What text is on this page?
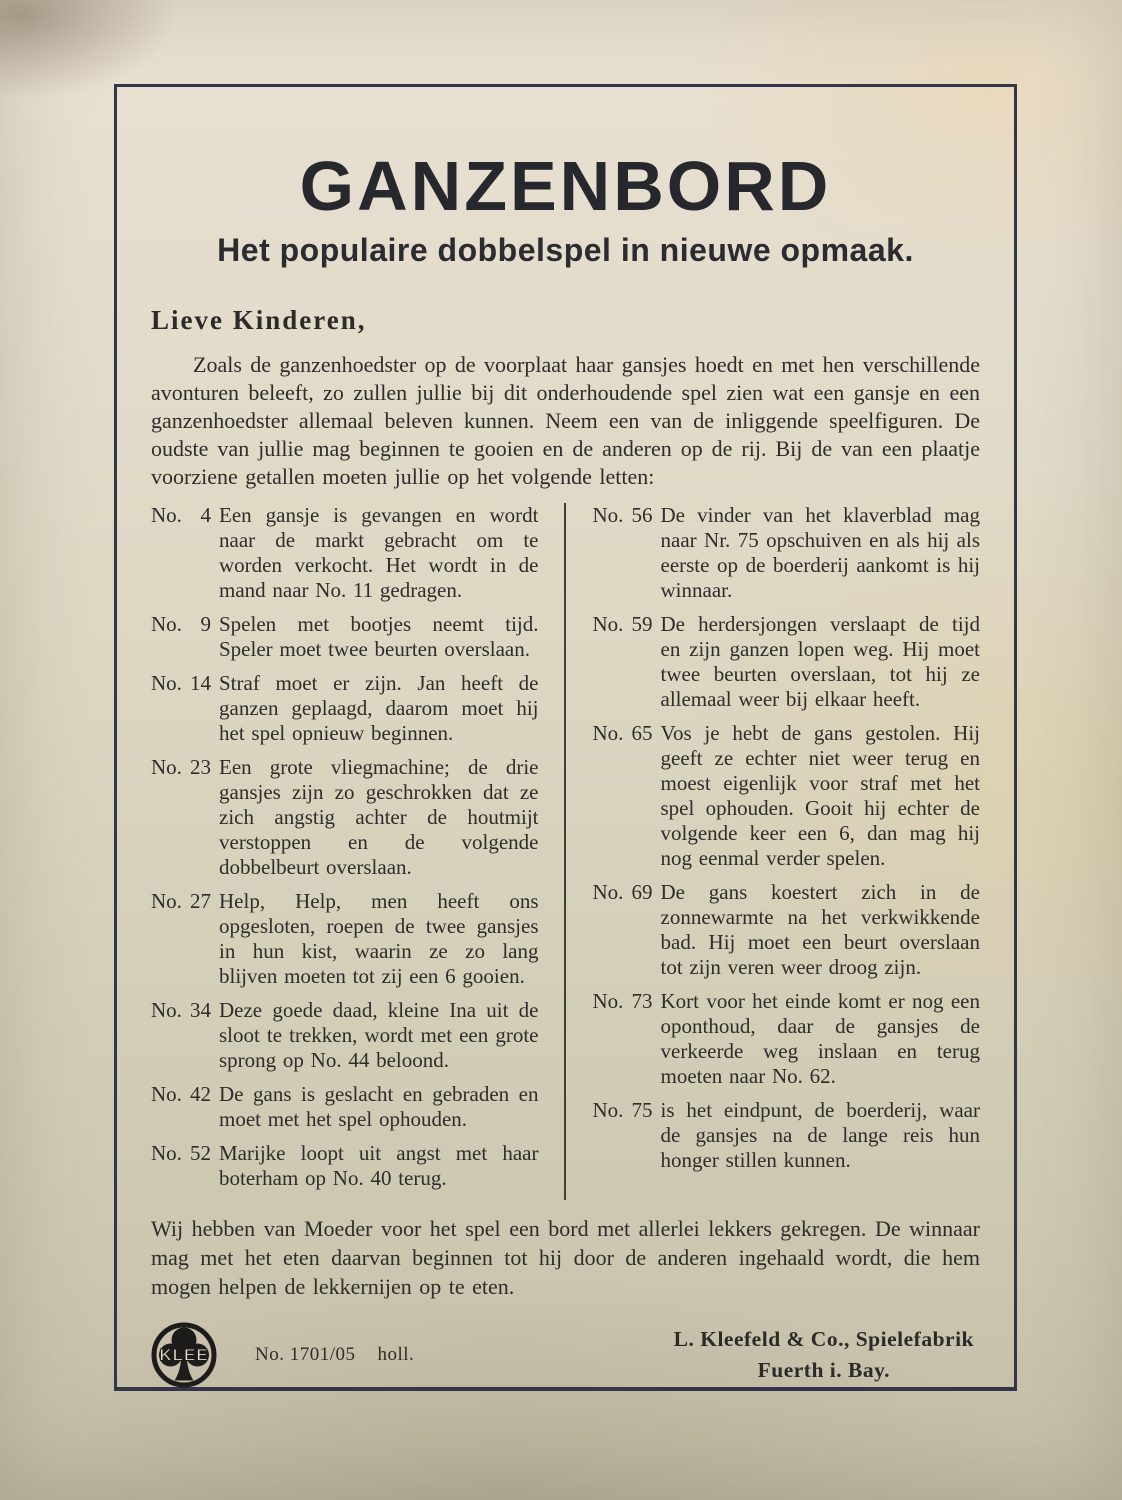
GANZENBORD
Het populaire dobbelspel in nieuwe opmaak.
Lieve Kinderen,

Zoals de ganzenhoedster op de voorplaat haar gansjes hoedt en met hen verschillende avonturen beleeft, zo zullen jullie bij dit onderhoudende spel zien wat een gansje en een ganzenhoedster allemaal beleven kunnen. Neem een van de inliggende speelfiguren. De oudste van jullie mag beginnen te gooien en de anderen op de rij. Bij de van een plaatje voorziene getallen moeten jullie op het volgende letten:

No. 4 Een gansje is gevangen en wordt naar de markt gebracht om te worden verkocht. Het wordt in de mand naar No. 11 gedragen.

No. 9 Spelen met bootjes neemt tijd. Speler moet twee beurten overslaan.

No. 14 Straf moet er zijn. Jan heeft de ganzen geplaagd, daarom moet hij het spel opnieuw beginnen.

No. 23 Een grote vliegmachine; de drie gansjes zijn zo geschrokken dat ze zich angstig achter de houtmijt verstoppen en de volgende dobbelbeurt overslaan.

No. 27 Help, Help, men heeft ons opgesloten, roepen de twee gansjes in hun kist, waarin ze zo lang blijven moeten tot zij een 6 gooien.

No. 34 Deze goede daad, kleine Ina uit de sloot te trekken, wordt met een grote sprong op No. 44 beloond.

No. 42 De gans is geslacht en gebraden en moet met het spel ophouden.

No. 52 Marijke loopt uit angst met haar boterham op No. 40 terug.

No. 56 De vinder van het klaverblad mag naar Nr. 75 opschuiven en als hij als eerste op de boerderij aankomt is hij winnaar.

No. 59 De herdersjongen verslaapt de tijd en zijn ganzen lopen weg. Hij moet twee beurten overslaan, tot hij ze allemaal weer bij elkaar heeft.

No. 65 Vos je hebt de gans gestolen. Hij geeft ze echter niet weer terug en moest eigenlijk voor straf met het spel ophouden. Gooit hij echter de volgende keer een 6, dan mag hij nog eenmal verder spelen.

No. 69 De gans koestert zich in de zonnewarmte na het verkwikkende bad. Hij moet een beurt overslaan tot zijn veren weer droog zijn.

No. 73 Kort voor het einde komt er nog een oponthoud, daar de gansjes de verkeerde weg inslaan en terug moeten naar No. 62.

No. 75 is het eindpunt, de boerderij, waar de gansjes na de lange reis hun honger stillen kunnen.

Wij hebben van Moeder voor het spel een bord met allerlei lekkers gekregen. De winnaar mag met het eten daarvan beginnen tot hij door de anderen ingehaald wordt, die hem mogen helpen de lekkernijen op te eten.

KLEE No. 1701/05 holl.
L. Kleefeld & Co., Spielefabrik
Fuerth i. Bay.
